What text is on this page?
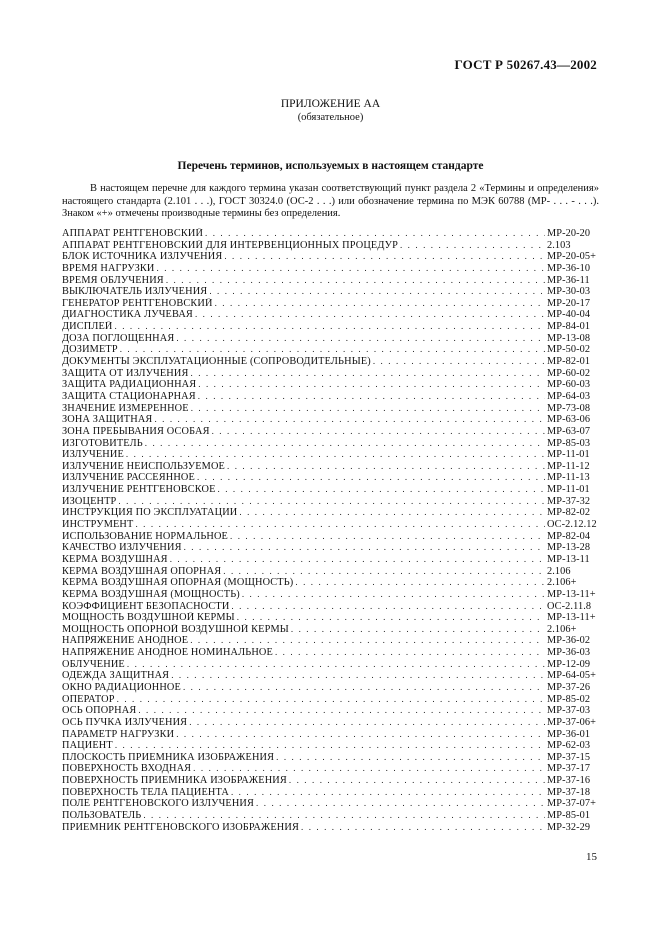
ГОСТ Р 50267.43—2002
ПРИЛОЖЕНИЕ АА
(обязательное)
Перечень терминов, используемых в настоящем стандарте
В настоящем перечне для каждого термина указан соответствующий пункт раздела 2 «Термины и определения» настоящего стандарта (2.101 . . .), ГОСТ 30324.0 (ОС-2 . . .) или обозначение термина по МЭК 60788 (МР- . . . - . . .). Знаком «+» отмечены производные термины без определения.
АППАРАТ РЕНТГЕНОВСКИЙ . . .	МР-20-20
АППАРАТ РЕНТГЕНОВСКИЙ ДЛЯ ИНТЕРВЕНЦИОННЫХ ПРОЦЕДУР . . .	2.103
БЛОК ИСТОЧНИКА ИЗЛУЧЕНИЯ . . .	МР-20-05+
ВРЕМЯ НАГРУЗКИ . . .	МР-36-10
ВРЕМЯ ОБЛУЧЕНИЯ . . .	МР-36-11
ВЫКЛЮЧАТЕЛЬ ИЗЛУЧЕНИЯ . . .	МР-30-03
ГЕНЕРАТОР РЕНТГЕНОВСКИЙ . . .	МР-20-17
ДИАГНОСТИКА ЛУЧЕВАЯ . . .	МР-40-04
ДИСПЛЕЙ . . .	МР-84-01
ДОЗА ПОГЛОЩЕННАЯ . . .	МР-13-08
ДОЗИМЕТР . . .	МР-50-02
ДОКУМЕНТЫ ЭКСПЛУАТАЦИОННЫЕ (СОПРОВОДИТЕЛЬНЫЕ) . . .	МР-82-01
ЗАЩИТА ОТ ИЗЛУЧЕНИЯ . . .	МР-60-02
ЗАЩИТА РАДИАЦИОННАЯ . . .	МР-60-03
ЗАЩИТА СТАЦИОНАРНАЯ . . .	МР-64-03
ЗНАЧЕНИЕ ИЗМЕРЕННОЕ . . .	МР-73-08
ЗОНА ЗАЩИТНАЯ . . .	МР-63-06
ЗОНА ПРЕБЫВАНИЯ ОСОБАЯ . . .	МР-63-07
ИЗГОТОВИТЕЛЬ . . .	МР-85-03
ИЗЛУЧЕНИЕ . . .	МР-11-01
ИЗЛУЧЕНИЕ НЕИСПОЛЬЗУЕМОЕ . . .	МР-11-12
ИЗЛУЧЕНИЕ РАССЕЯННОЕ . . .	МР-11-13
ИЗЛУЧЕНИЕ РЕНТГЕНОВСКОЕ . . .	МР-11-01
ИЗОЦЕНТР . . .	МР-37-32
ИНСТРУКЦИЯ ПО ЭКСПЛУАТАЦИИ . . .	МР-82-02
ИНСТРУМЕНТ . . .	ОС-2.12.12
ИСПОЛЬЗОВАНИЕ НОРМАЛЬНОЕ . . .	МР-82-04
КАЧЕСТВО ИЗЛУЧЕНИЯ . . .	МР-13-28
КЕРМА ВОЗДУШНАЯ . . .	МР-13-11
КЕРМА ВОЗДУШНАЯ ОПОРНАЯ . . .	2.106
КЕРМА ВОЗДУШНАЯ ОПОРНАЯ (МОЩНОСТЬ) . . .	2.106+
КЕРМА ВОЗДУШНАЯ (МОЩНОСТЬ) . . .	МР-13-11+
КОЭФФИЦИЕНТ БЕЗОПАСНОСТИ . . .	ОС-2.11.8
МОЩНОСТЬ ВОЗДУШНОЙ КЕРМЫ . . .	МР-13-11+
МОЩНОСТЬ ОПОРНОЙ ВОЗДУШНОЙ КЕРМЫ . . .	2.106+
НАПРЯЖЕНИЕ АНОДНОЕ . . .	МР-36-02
НАПРЯЖЕНИЕ АНОДНОЕ НОМИНАЛЬНОЕ . . .	МР-36-03
ОБЛУЧЕНИЕ . . .	МР-12-09
ОДЕЖДА ЗАЩИТНАЯ . . .	МР-64-05+
ОКНО РАДИАЦИОННОЕ . . .	МР-37-26
ОПЕРАТОР . . .	МР-85-02
ОСЬ ОПОРНАЯ . . .	МР-37-03
ОСЬ ПУЧКА ИЗЛУЧЕНИЯ . . .	МР-37-06+
ПАРАМЕТР НАГРУЗКИ . . .	МР-36-01
ПАЦИЕНТ . . .	МР-62-03
ПЛОСКОСТЬ ПРИЕМНИКА ИЗОБРАЖЕНИЯ . . .	МР-37-15
ПОВЕРХНОСТЬ ВХОДНАЯ . . .	МР-37-17
ПОВЕРХНОСТЬ ПРИЕМНИКА ИЗОБРАЖЕНИЯ . . .	МР-37-16
ПОВЕРХНОСТЬ ТЕЛА ПАЦИЕНТА . . .	МР-37-18
ПОЛЕ РЕНТГЕНОВСКОГО ИЗЛУЧЕНИЯ . . .	МР-37-07+
ПОЛЬЗОВАТЕЛЬ . . .	МР-85-01
ПРИЕМНИК РЕНТГЕНОВСКОГО ИЗОБРАЖЕНИЯ . . .	МР-32-29
15
